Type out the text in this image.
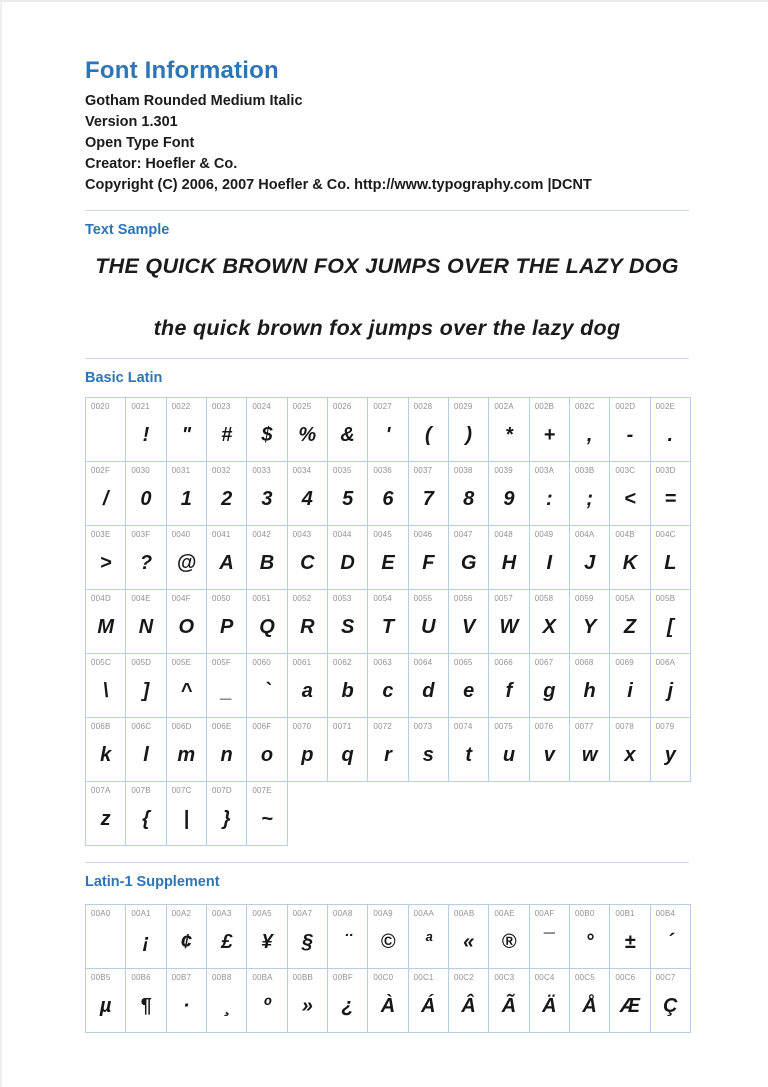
Font Information
Gotham Rounded Medium Italic
Version 1.301
Open Type Font
Creator: Hoefler & Co.
Copyright (C) 2006, 2007 Hoefler & Co. http://www.typography.com |DCNT
Text Sample
THE QUICK BROWN FOX JUMPS OVER THE LAZY DOG
the quick brown fox jumps over the lazy dog
Basic Latin
0020	0021
!
0022
"
0023
#
0024
$
0025
%
0026
&
0027
'
0028
(
0029
)
002A
*
002B
+
002C
,
002D
-
002E
.
002F
/
0030
0
0031
1
0032
2
0033
3
0034
4
0035
5
0036
6
0037
7
0038
8
0039
9
003A
:
003B
;
003C
<
003D
=
003E
>
003F
?
0040
@
0041
A
0042
B
0043
C
0044
D
0045
E
0046
F
0047
G
0048
H
0049
I
004A
J
004B
K
004C
L
004D
M
004E
N
004F
O
0050
P
0051
Q
0052
R
0053
S
0054
T
0055
U
0056
V
0057
W
0058
X
0059
Y
005A
Z
005B
[
005C
\
005D
]
005E
^
005F
_
0060
`
0061
a
0062
b
0063
c
0064
d
0065
e
0066
f
0067
g
0068
h
0069
i
006A
j
006B
k
006C
l
006D
m
006E
n
006F
o
0070
p
0071
q
0072
r
0073
s
0074
t
0075
u
0076
v
0077
w
0078
x
0079
y
007A
z
007B
{
007C
|
007D
}
007E
~
Latin-1 Supplement
00A0	00A1
¡
00A2
¢
00A3
£
00A5
¥
00A7
§
00A8
¨
00A9
©
00AA
ª
00AB
«
00AE
®
00AF
¯
00B0
°
00B1
±
00B4
´
00B5
µ
00B6
¶
00B7
·
00B8
¸
00BA
º
00BB
»
00BF
¿
00C0
À
00C1
Á
00C2
Â
00C3
Ã
00C4
Ä
00C5
Å
00C6
Æ
00C7
Ç
